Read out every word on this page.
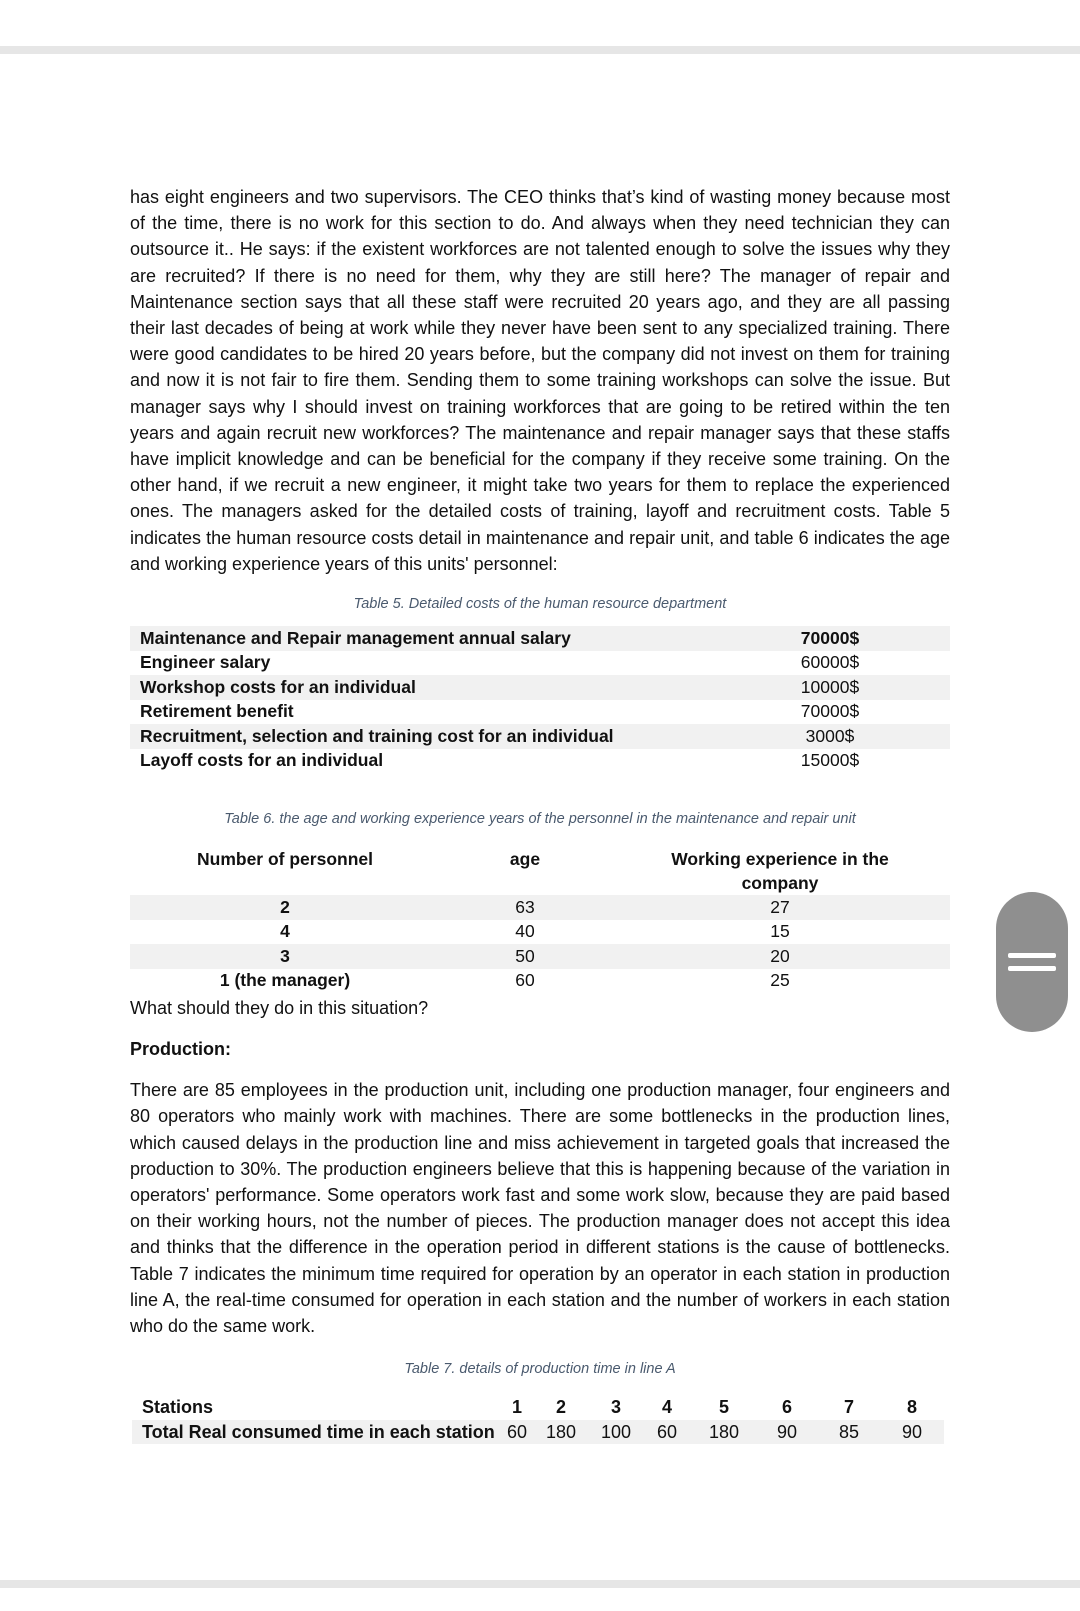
has eight engineers and two supervisors. The CEO thinks that’s kind of wasting money because most of the time, there is no work for this section to do. And always when they need technician they can outsource it.. He says: if the existent workforces are not talented enough to solve the issues why they are recruited? If there is no need for them, why they are still here? The manager of repair and Maintenance section says that all these staff were recruited 20 years ago, and they are all passing their last decades of being at work while they never have been sent to any specialized training. There were good candidates to be hired 20 years before, but the company did not invest on them for training and now it is not fair to fire them. Sending them to some training workshops can solve the issue. But manager says why I should invest on training workforces that are going to be retired within the ten years and again recruit new workforces? The maintenance and repair manager says that these staffs have implicit knowledge and can be beneficial for the company if they receive some training. On the other hand, if we recruit a new engineer, it might take two years for them to replace the experienced ones. The managers asked for the detailed costs of training, layoff and recruitment costs. Table 5 indicates the human resource costs detail in maintenance and repair unit, and table 6 indicates the age and working experience years of this units' personnel:

Table 5. Detailed costs of the human resource department
Maintenance and Repair management annual salary	70000$
Engineer salary	60000$
Workshop costs for an individual	10000$
Retirement benefit	70000$
Recruitment, selection and training cost for an individual	3000$
Layoff costs for an individual	15000$
Table 6. the age and working experience years of the personnel in the maintenance and repair unit
Number of personnel	age	Working experience in the company
2	63	27
4	40	15
3	50	20
1 (the manager)	60	25

What should they do in this situation?

Production:

There are 85 employees in the production unit, including one production manager, four engineers and 80 operators who mainly work with machines. There are some bottlenecks in the production lines, which caused delays in the production line and miss achievement in targeted goals that increased the production to 30%. The production engineers believe that this is happening because of the variation in operators' performance. Some operators work fast and some work slow, because they are paid based on their working hours, not the number of pieces. The production manager does not accept this idea and thinks that the difference in the operation period in different stations is the cause of bottlenecks. Table 7 indicates the minimum time required for operation by an operator in each station in production line A, the real-time consumed for operation in each station and the number of workers in each station who do the same work.

Table 7. details of production time in line A
Stations	1	2	3	4	5	6	7	8
Total Real consumed time in each station	60	180	100	60	180	90	85	90
